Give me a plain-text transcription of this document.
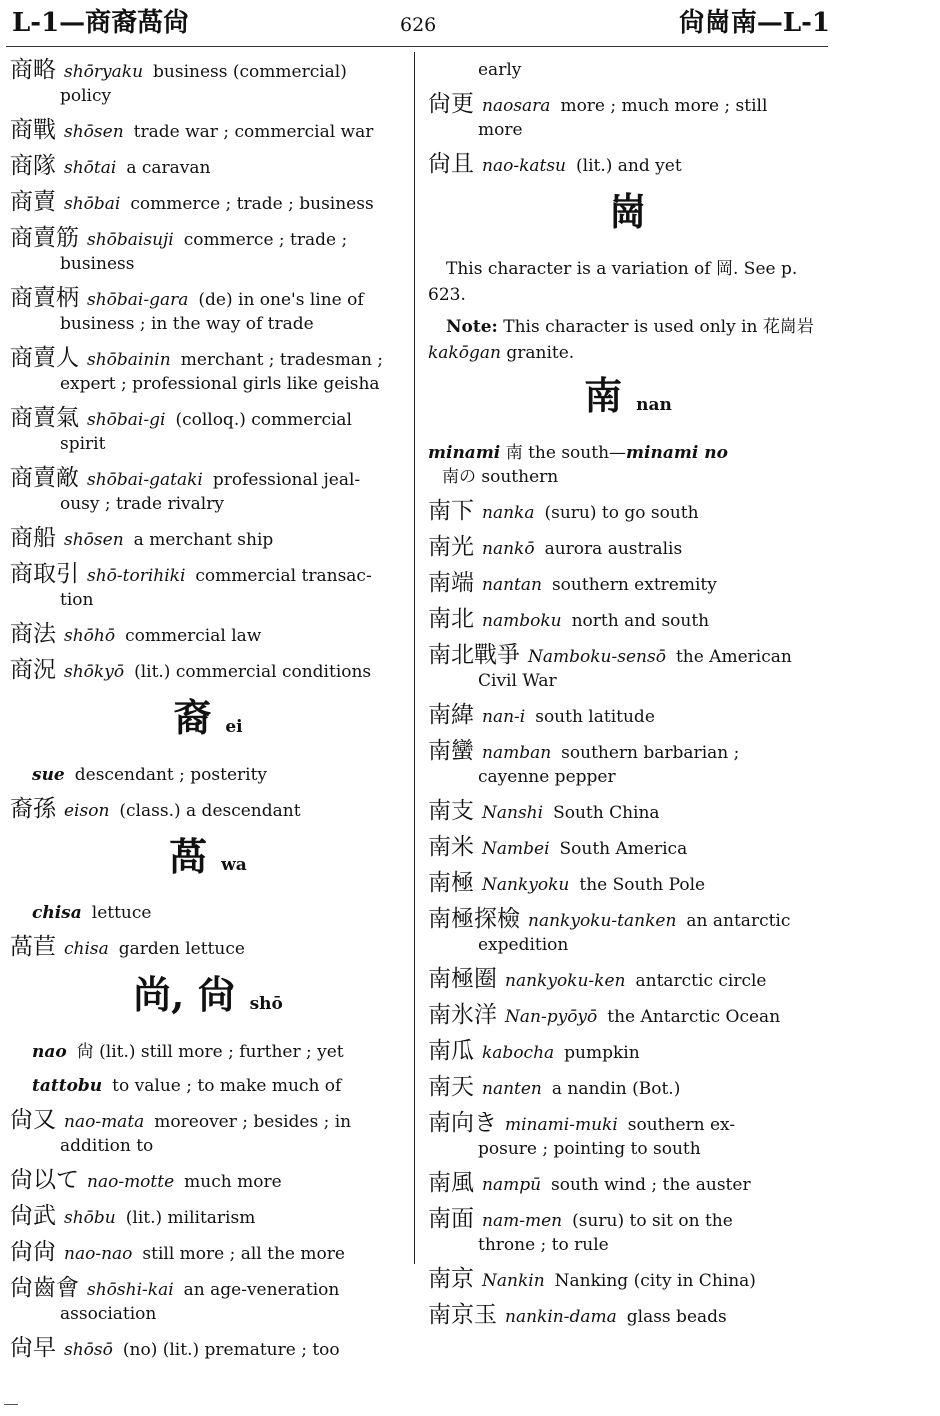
L-1—商裔萵尙	626	尙崗南—L-1
商略 shōryaku business (commercial)
policy
商戰 shōsen trade war ; commercial war
商隊 shōtai a caravan
商賣 shōbai commerce ; trade ; business
商賣筋 shōbaisuji commerce ; trade ;
business
商賣柄 shōbai-gara (de) in one's line of
business ; in the way of trade
商賣人 shōbainin merchant ; tradesman ;
expert ; professional girls like geisha
商賣氣 shōbai-gi (colloq.) commercial
spirit
商賣敵 shōbai-gataki professional jeal-
ousy ; trade rivalry
商船 shōsen a merchant ship
商取引 shō-torihiki commercial transac-
tion
商法 shōhō commercial law
商況 shōkyō (lit.) commercial conditions
裔ei
sue descendant ; posterity
裔孫 eison (class.) a descendant
萵wa
chisa lettuce
萵苣 chisa garden lettuce
尚, 尙 shō
nao 尙 (lit.) still more ; further ; yet
tattobu to value ; to make much of
尙又 nao-mata moreover ; besides ; in
addition to
尙以て nao-motte much more
尙武 shōbu (lit.) militarism
尙尙 nao-nao still more ; all the more
尙齒會 shōshi-kai an age-veneration
association
尙早 shōsō (no) (lit.) premature ; too
early
尙更 naosara more ; much more ; still
more
尙且 nao-katsu (lit.) and yet
崗
This character is a variation of 岡. See p. 623.
Note: This character is used only in 花崗岩 kakōgan granite.
南nan
minami 南 the south—minami no
南の southern
南下 nanka (suru) to go south
南光 nankō aurora australis
南端 nantan southern extremity
南北 namboku north and south
南北戰爭 Namboku-sensō the American
Civil War
南緯 nan-i south latitude
南蠻 namban southern barbarian ;
cayenne pepper
南支 Nanshi South China
南米 Nambei South America
南極 Nankyoku the South Pole
南極探檢 nankyoku-tanken an antarctic
expedition
南極圈 nankyoku-ken antarctic circle
南氷洋 Nan-pyōyō the Antarctic Ocean
南瓜 kabocha pumpkin
南天 nanten a nandin (Bot.)
南向き minami-muki southern ex-
posure ; pointing to south
南風 nampū south wind ; the auster
南面 nam-men (suru) to sit on the
throne ; to rule
南京 Nankin Nanking (city in China)
南京玉 nankin-dama glass beads
